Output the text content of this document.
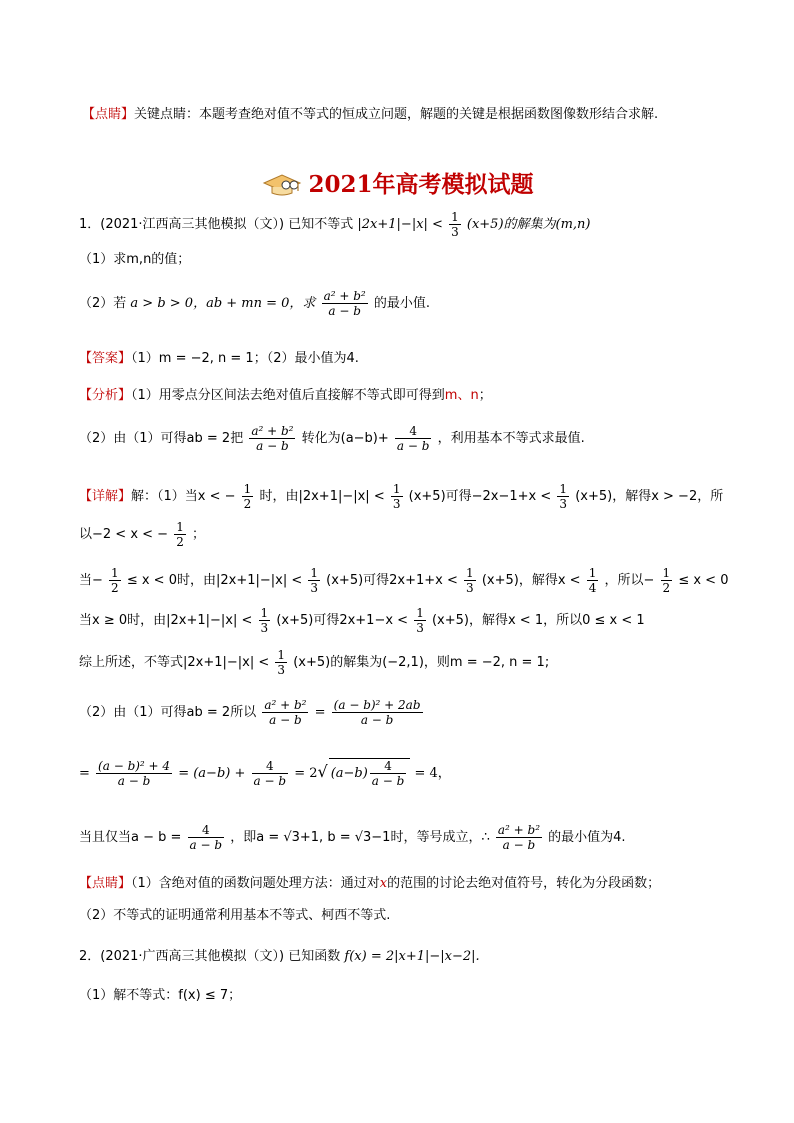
【点睛】关键点睛：本题考查绝对值不等式的恒成立问题，解题的关键是根据函数图像数形结合求解.
2021年高考模拟试题
1．(2021·江西高三其他模拟（文）) 已知不等式 $|2x+1|-|x| < \frac{1}{3} (x+5)$的解集为(m,n)
（1）求m,n的值；
（2）若 a > b > 0，ab + mn = 0，求 $\frac{\text{a² + b²}}{a - b}$ 的最小值.
【答案】（1）m = −2, n = 1；（2）最小值为4.
【分析】（1）用零点分区间法去绝对值后直接解不等式即可得到m、n；
（2）由（1）可得ab = 2把 $\frac{\text{a² + b²}}{a - b}$ 转化为$(a-b)+ \frac{4}{a - b}$ ，利用基本不等式求最值.
【详解】解：（1）当x < − $\frac{1}{2}$ 时，由$|2x+1|-|x| < \frac{1}{3} (x+5)$可得$-2x-1+x < \frac{1}{3} (x+5)$，解得x > −2，所
以−2 < x < − $\frac{1}{2}$ ；
当− $\frac{1}{2} \le x < 0$时，由$|2x+1|-|x| < \frac{1}{3} (x+5)$可得$2x+1+x < \frac{1}{3} (x+5)$，解得$x < \frac{1}{4}$ ，所以− $\frac{1}{2} \le x < 0$
当x ≥ 0时，由$|2x+1|-|x| < \frac{1}{3} (x+5)$可得$2x+1-x < \frac{1}{3} (x+5)$，解得x < 1，所以0 ≤ x < 1
综上所述，不等式$|2x+1|-|x| < \frac{1}{3} (x+5)$的解集为(−2,1)，则m = −2, n = 1;
（2）由（1）可得ab = 2所以 $\frac{\text{a² + b²}}{a - b} = \frac{\text{(a − b)² + 2ab}}{a - b}$
= $\frac{\text{(a − b)² + 4}}{a - b} = (a-b) + \frac{4}{a - b} = 2√$ $(a-b) \frac{4}{a - b} = 4$，
当且仅当$a - b = \frac{4}{a - b}$ ，即a = √3+1, b = √3−1时，等号成立，∴ $\frac{\text{a² + b²}}{a - b}$ 的最小值为4.
【点睛】（1）含绝对值的函数问题处理方法：通过对x的范围的讨论去绝对值符号，转化为分段函数；
（2）不等式的证明通常利用基本不等式、柯西不等式.
2．(2021·广西高三其他模拟（文）) 已知函数 f(x) = 2|x+1|−|x−2|.
（1）解不等式：f(x) ≤ 7；
